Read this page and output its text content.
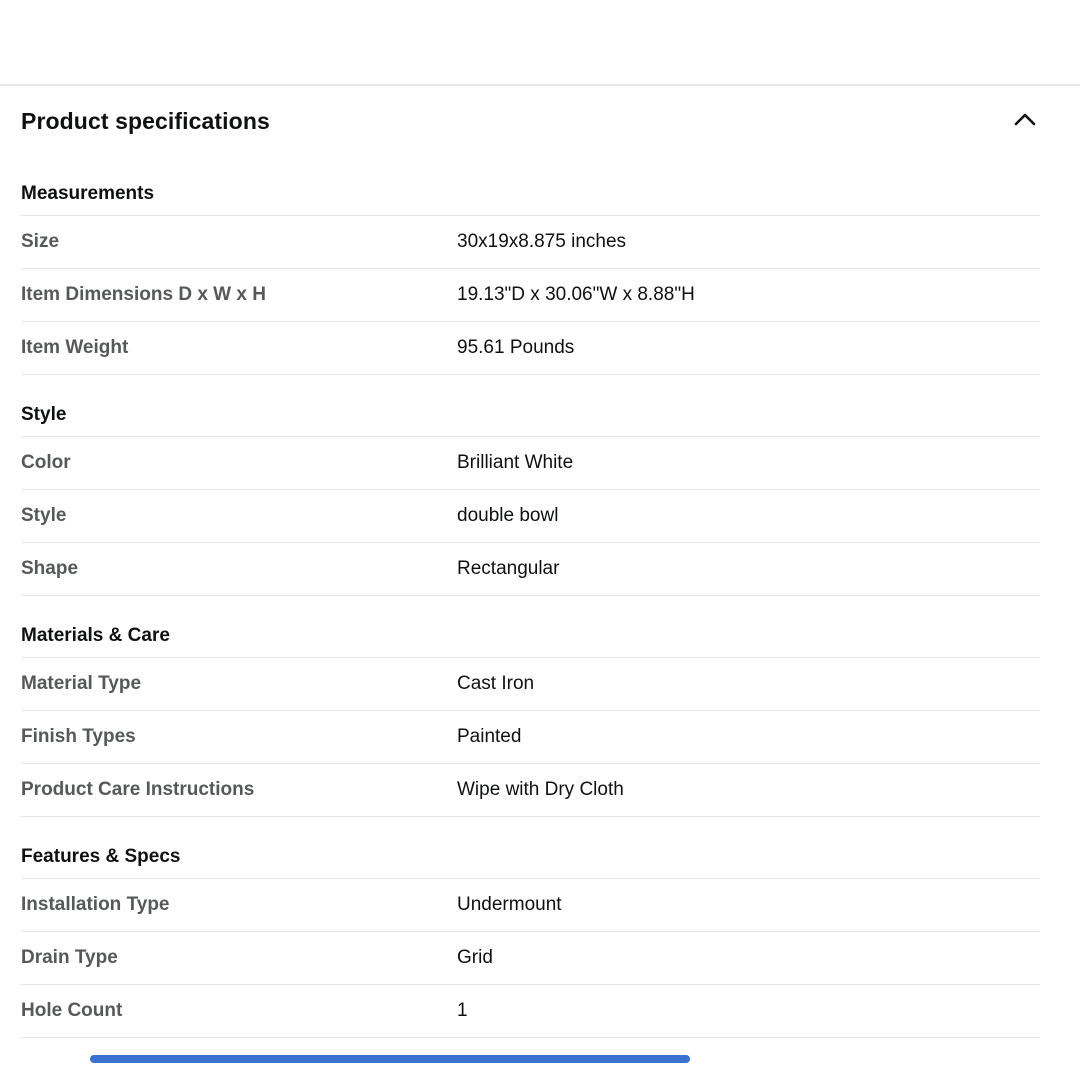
Product specifications
Measurements
Size	30x19x8.875 inches
Item Dimensions D x W x H	19.13"D x 30.06"W x 8.88"H
Item Weight	95.61 Pounds
Style
Color	Brilliant White
Style	double bowl
Shape	Rectangular
Materials & Care
Material Type	Cast Iron
Finish Types	Painted
Product Care Instructions	Wipe with Dry Cloth
Features & Specs
Installation Type	Undermount
Drain Type	Grid
Hole Count	1
